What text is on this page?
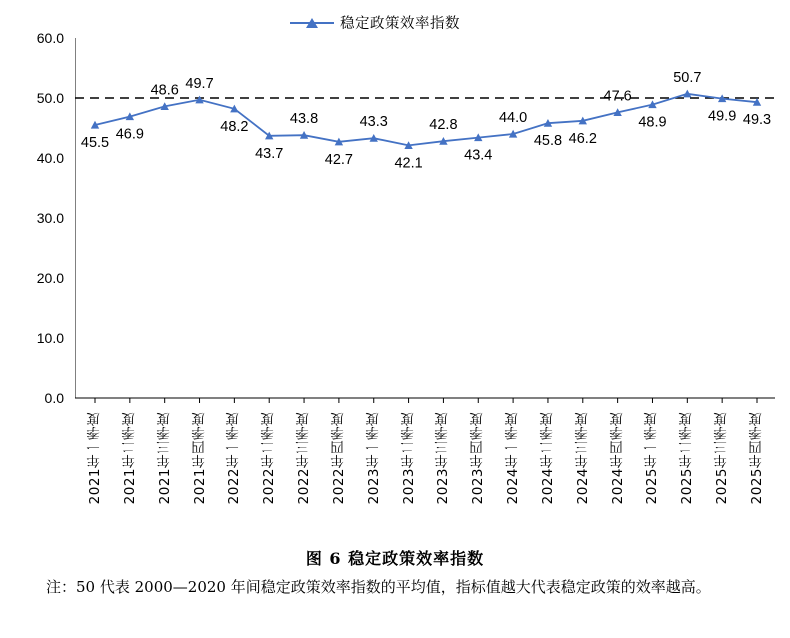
稳定政策效率指数
0.0
10.0
20.0
30.0
40.0
50.0
60.0
45.5
46.9
48.6 49.7
48.2
43.7
43.8
42.7
43.3
42.1
42.8
43.4
44.0
45.8 46.2
47.6
48.9
50.7
49.9 49.3
2021年一季度 2021年二季度 2021年三季度 2021年四季度 2022年一季度 2022年二季度 2022年三季度 2022年四季度 2023年一季度 2023年二季度 2023年三季度 2023年四季度 2024年一季度 2024年二季度 2024年三季度 2024年四季度 2025年一季度 2025年二季度 2025年三季度 2025年四季度
图 6 稳定政策效率指数
注：50 代表 2000—2020 年间稳定政策效率指数的平均值，指标值越大代表稳定政策的效率越高。
